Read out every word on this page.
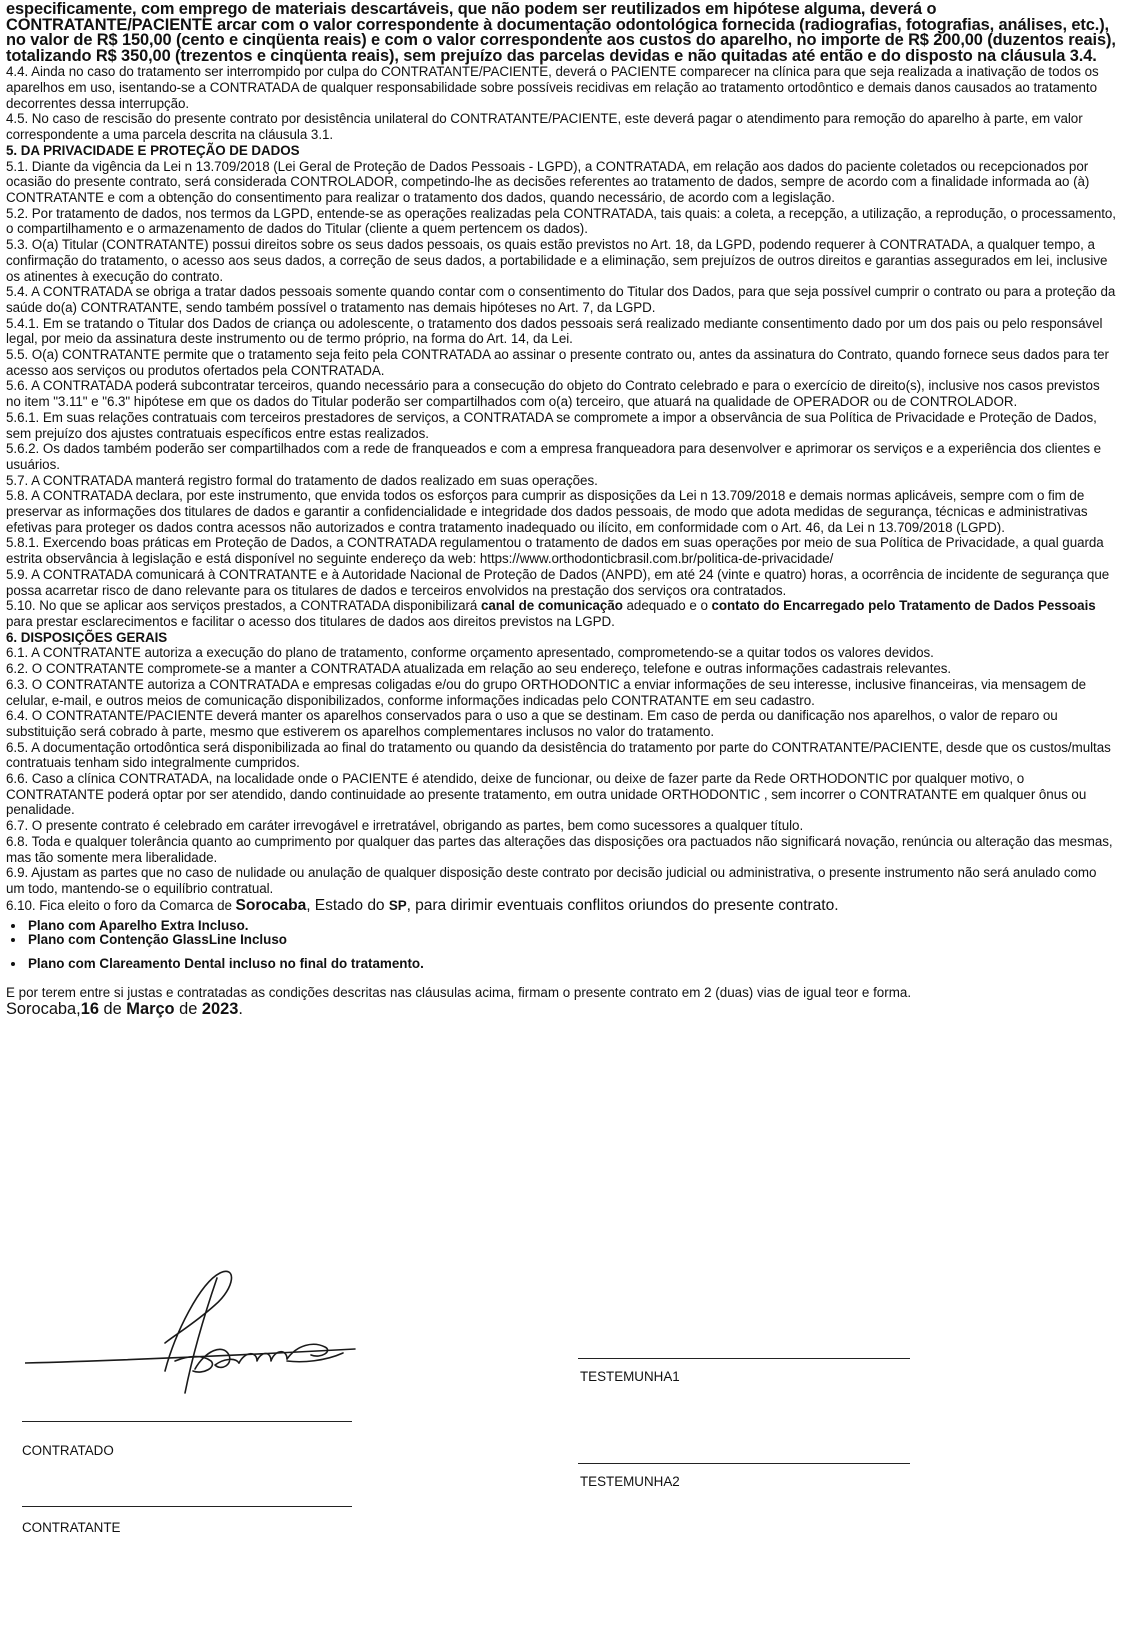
especificamente, com emprego de materiais descartáveis, que não podem ser reutilizados em hipótese alguma, deverá o CONTRATANTE/PACIENTE arcar com o valor correspondente à documentação odontológica fornecida (radiografias, fotografias, análises, etc.), no valor de R$ 150,00 (cento e cinqüenta reais) e com o valor correspondente aos custos do aparelho, no importe de R$ 200,00 (duzentos reais), totalizando R$ 350,00 (trezentos e cinqüenta reais), sem prejuízo das parcelas devidas e não quitadas até então e do disposto na cláusula 3.4.

4.4. Ainda no caso do tratamento ser interrompido por culpa do CONTRATANTE/PACIENTE, deverá o PACIENTE comparecer na clínica para que seja realizada a inativação de todos os aparelhos em uso, isentando-se a CONTRATADA de qualquer responsabilidade sobre possíveis recidivas em relação ao tratamento ortodôntico e demais danos causados ao tratamento decorrentes dessa interrupção.

4.5. No caso de rescisão do presente contrato por desistência unilateral do CONTRATANTE/PACIENTE, este deverá pagar o atendimento para remoção do aparelho à parte, em valor correspondente a uma parcela descrita na cláusula 3.1.

5. DA PRIVACIDADE E PROTEÇÃO DE DADOS

5.1. Diante da vigência da Lei n 13.709/2018 (Lei Geral de Proteção de Dados Pessoais - LGPD), a CONTRATADA, em relação aos dados do paciente coletados ou recepcionados por ocasião do presente contrato, será considerada CONTROLADOR, competindo-lhe as decisões referentes ao tratamento de dados, sempre de acordo com a finalidade informada ao (à) CONTRATANTE e com a obtenção do consentimento para realizar o tratamento dos dados, quando necessário, de acordo com a legislação.

5.2. Por tratamento de dados, nos termos da LGPD, entende-se as operações realizadas pela CONTRATADA, tais quais: a coleta, a recepção, a utilização, a reprodução, o processamento, o compartilhamento e o armazenamento de dados do Titular (cliente a quem pertencem os dados).

5.3. O(a) Titular (CONTRATANTE) possui direitos sobre os seus dados pessoais, os quais estão previstos no Art. 18, da LGPD, podendo requerer à CONTRATADA, a qualquer tempo, a confirmação do tratamento, o acesso aos seus dados, a correção de seus dados, a portabilidade e a eliminação, sem prejuízos de outros direitos e garantias assegurados em lei, inclusive os atinentes à execução do contrato.

5.4. A CONTRATADA se obriga a tratar dados pessoais somente quando contar com o consentimento do Titular dos Dados, para que seja possível cumprir o contrato ou para a proteção da saúde do(a) CONTRATANTE, sendo também possível o tratamento nas demais hipóteses no Art. 7, da LGPD.

5.4.1. Em se tratando o Titular dos Dados de criança ou adolescente, o tratamento dos dados pessoais será realizado mediante consentimento dado por um dos pais ou pelo responsável legal, por meio da assinatura deste instrumento ou de termo próprio, na forma do Art. 14, da Lei.

5.5. O(a) CONTRATANTE permite que o tratamento seja feito pela CONTRATADA ao assinar o presente contrato ou, antes da assinatura do Contrato, quando fornece seus dados para ter acesso aos serviços ou produtos ofertados pela CONTRATADA.

5.6. A CONTRATADA poderá subcontratar terceiros, quando necessário para a consecução do objeto do Contrato celebrado e para o exercício de direito(s), inclusive nos casos previstos no item "3.11" e "6.3" hipótese em que os dados do Titular poderão ser compartilhados com o(a) terceiro, que atuará na qualidade de OPERADOR ou de CONTROLADOR.

5.6.1. Em suas relações contratuais com terceiros prestadores de serviços, a CONTRATADA se compromete a impor a observância de sua Política de Privacidade e Proteção de Dados, sem prejuízo dos ajustes contratuais específicos entre estas realizados.

5.6.2. Os dados também poderão ser compartilhados com a rede de franqueados e com a empresa franqueadora para desenvolver e aprimorar os serviços e a experiência dos clientes e usuários.

5.7. A CONTRATADA manterá registro formal do tratamento de dados realizado em suas operações.

5.8. A CONTRATADA declara, por este instrumento, que envida todos os esforços para cumprir as disposições da Lei n 13.709/2018 e demais normas aplicáveis, sempre com o fim de preservar as informações dos titulares de dados e garantir a confidencialidade e integridade dos dados pessoais, de modo que adota medidas de segurança, técnicas e administrativas efetivas para proteger os dados contra acessos não autorizados e contra tratamento inadequado ou ilícito, em conformidade com o Art. 46, da Lei n 13.709/2018 (LGPD).

5.8.1. Exercendo boas práticas em Proteção de Dados, a CONTRATADA regulamentou o tratamento de dados em suas operações por meio de sua Política de Privacidade, a qual guarda estrita observância à legislação e está disponível no seguinte endereço da web: https://www.orthodonticbrasil.com.br/politica-de-privacidade/

5.9. A CONTRATADA comunicará à CONTRATANTE e à Autoridade Nacional de Proteção de Dados (ANPD), em até 24 (vinte e quatro) horas, a ocorrência de incidente de segurança que possa acarretar risco de dano relevante para os titulares de dados e terceiros envolvidos na prestação dos serviços ora contratados.

5.10. No que se aplicar aos serviços prestados, a CONTRATADA disponibilizará canal de comunicação adequado e o contato do Encarregado pelo Tratamento de Dados Pessoais para prestar esclarecimentos e facilitar o acesso dos titulares de dados aos direitos previstos na LGPD.

6. DISPOSIÇÕES GERAIS

6.1. A CONTRATANTE autoriza a execução do plano de tratamento, conforme orçamento apresentado, comprometendo-se a quitar todos os valores devidos.

6.2. O CONTRATANTE compromete-se a manter a CONTRATADA atualizada em relação ao seu endereço, telefone e outras informações cadastrais relevantes.

6.3. O CONTRATANTE autoriza a CONTRATADA e empresas coligadas e/ou do grupo ORTHODONTIC a enviar informações de seu interesse, inclusive financeiras, via mensagem de celular, e-mail, e outros meios de comunicação disponibilizados, conforme informações indicadas pelo CONTRATANTE em seu cadastro.

6.4. O CONTRATANTE/PACIENTE deverá manter os aparelhos conservados para o uso a que se destinam. Em caso de perda ou danificação nos aparelhos, o valor de reparo ou substituição será cobrado à parte, mesmo que estiverem os aparelhos complementares inclusos no valor do tratamento.

6.5. A documentação ortodôntica será disponibilizada ao final do tratamento ou quando da desistência do tratamento por parte do CONTRATANTE/PACIENTE, desde que os custos/multas contratuais tenham sido integralmente cumpridos.

6.6. Caso a clínica CONTRATADA, na localidade onde o PACIENTE é atendido, deixe de funcionar, ou deixe de fazer parte da Rede ORTHODONTIC por qualquer motivo, o CONTRATANTE poderá optar por ser atendido, dando continuidade ao presente tratamento, em outra unidade ORTHODONTIC , sem incorrer o CONTRATANTE em qualquer ônus ou penalidade.

6.7. O presente contrato é celebrado em caráter irrevogável e irretratável, obrigando as partes, bem como sucessores a qualquer título.

6.8. Toda e qualquer tolerância quanto ao cumprimento por qualquer das partes das alterações das disposições ora pactuados não significará novação, renúncia ou alteração das mesmas, mas tão somente mera liberalidade.

6.9. Ajustam as partes que no caso de nulidade ou anulação de qualquer disposição deste contrato por decisão judicial ou administrativa, o presente instrumento não será anulado como um todo, mantendo-se o equilíbrio contratual.

6.10. Fica eleito o foro da Comarca de Sorocaba, Estado do SP, para dirimir eventuais conflitos oriundos do presente contrato.

• Plano com Aparelho Extra Incluso.
• Plano com Contenção GlassLine Incluso
• Plano com Clareamento Dental incluso no final do tratamento.

E por terem entre si justas e contratadas as condições descritas nas cláusulas acima, firmam o presente contrato em 2 (duas) vias de igual teor e forma.

Sorocaba,16 de Março de 2023.

CONTRATADO
CONTRATANTE
TESTEMUNHA1
TESTEMUNHA2
